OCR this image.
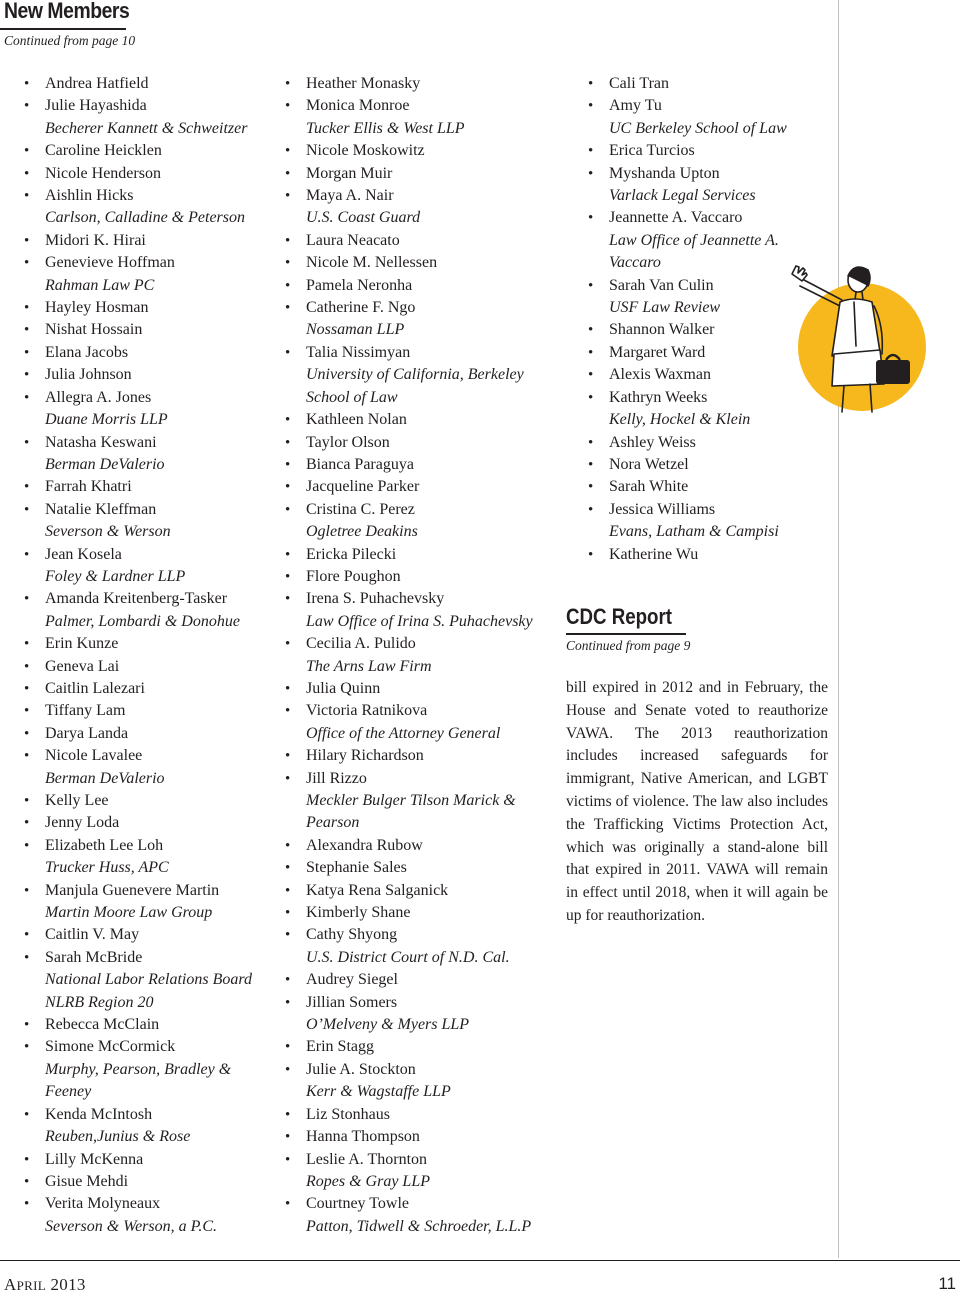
New Members
Continued from page 10
• Andrea Hatfield
• Julie Hayashida
Becherer Kannett & Schweitzer
• Caroline Heicklen
• Nicole Henderson
• Aishlin Hicks
Carlson, Calladine & Peterson
• Midori K. Hirai
• Genevieve Hoffman
Rahman Law PC
• Hayley Hosman
• Nishat Hossain
• Elana Jacobs
• Julia Johnson
• Allegra A. Jones
Duane Morris LLP
• Natasha Keswani
Berman DeValerio
• Farrah Khatri
• Natalie Kleffman
Severson & Werson
• Jean Kosela
Foley & Lardner LLP
• Amanda Kreitenberg-Tasker
Palmer, Lombardi & Donohue
• Erin Kunze
• Geneva Lai
• Caitlin Lalezari
• Tiffany Lam
• Darya Landa
• Nicole Lavalee
Berman DeValerio
• Kelly Lee
• Jenny Loda
• Elizabeth Lee Loh
Trucker Huss, APC
• Manjula Guenevere Martin
Martin Moore Law Group
• Caitlin V. May
• Sarah McBride
National Labor Relations Board
NLRB Region 20
• Rebecca McClain
• Simone McCormick
Murphy, Pearson, Bradley &
Feeney
• Kenda McIntosh
Reuben,Junius & Rose
• Lilly McKenna
• Gisue Mehdi
• Verita Molyneaux
Severson & Werson, a P.C.
• Heather Monasky
• Monica Monroe
Tucker Ellis & West LLP
• Nicole Moskowitz
• Morgan Muir
• Maya A. Nair
U.S. Coast Guard
• Laura Neacato
• Nicole M. Nellessen
• Pamela Neronha
• Catherine F. Ngo
Nossaman LLP
• Talia Nissimyan
University of California, Berkeley
School of Law
• Kathleen Nolan
• Taylor Olson
• Bianca Paraguya
• Jacqueline Parker
• Cristina C. Perez
Ogletree Deakins
• Ericka Pilecki
• Flore Poughon
• Irena S. Puhachevsky
Law Office of Irina S. Puhachevsky
• Cecilia A. Pulido
The Arns Law Firm
• Julia Quinn
• Victoria Ratnikova
Office of the Attorney General
• Hilary Richardson
• Jill Rizzo
Meckler Bulger Tilson Marick &
Pearson
• Alexandra Rubow
• Stephanie Sales
• Katya Rena Salganick
• Kimberly Shane
• Cathy Shyong
U.S. District Court of N.D. Cal.
• Audrey Siegel
• Jillian Somers
O’Melveny & Myers LLP
• Erin Stagg
• Julie A. Stockton
Kerr & Wagstaffe LLP
• Liz Stonhaus
• Hanna Thompson
• Leslie A. Thornton
Ropes & Gray LLP
• Courtney Towle
Patton, Tidwell & Schroeder, L.L.P
• Cali Tran
• Amy Tu
UC Berkeley School of Law
• Erica Turcios
• Myshanda Upton
Varlack Legal Services
• Jeannette A. Vaccaro
Law Office of Jeannette A.
Vaccaro
• Sarah Van Culin
USF Law Review
• Shannon Walker
• Margaret Ward
• Alexis Waxman
• Kathryn Weeks
Kelly, Hockel & Klein
• Ashley Weiss
• Nora Wetzel
• Sarah White
• Jessica Williams
Evans, Latham & Campisi
• Katherine Wu
CDC Report
Continued from page 9

bill expired in 2012 and in February, the House and Senate voted to reauthorize VAWA. The 2013 reauthorization includes increased safeguards for immigrant, Native American, and LGBT victims of violence. The law also includes the Trafficking Victims Protection Act, which was originally a stand-alone bill that expired in 2011. VAWA will remain in effect until 2018, when it will again be up for reauthorization.

APRIL 2013	11
